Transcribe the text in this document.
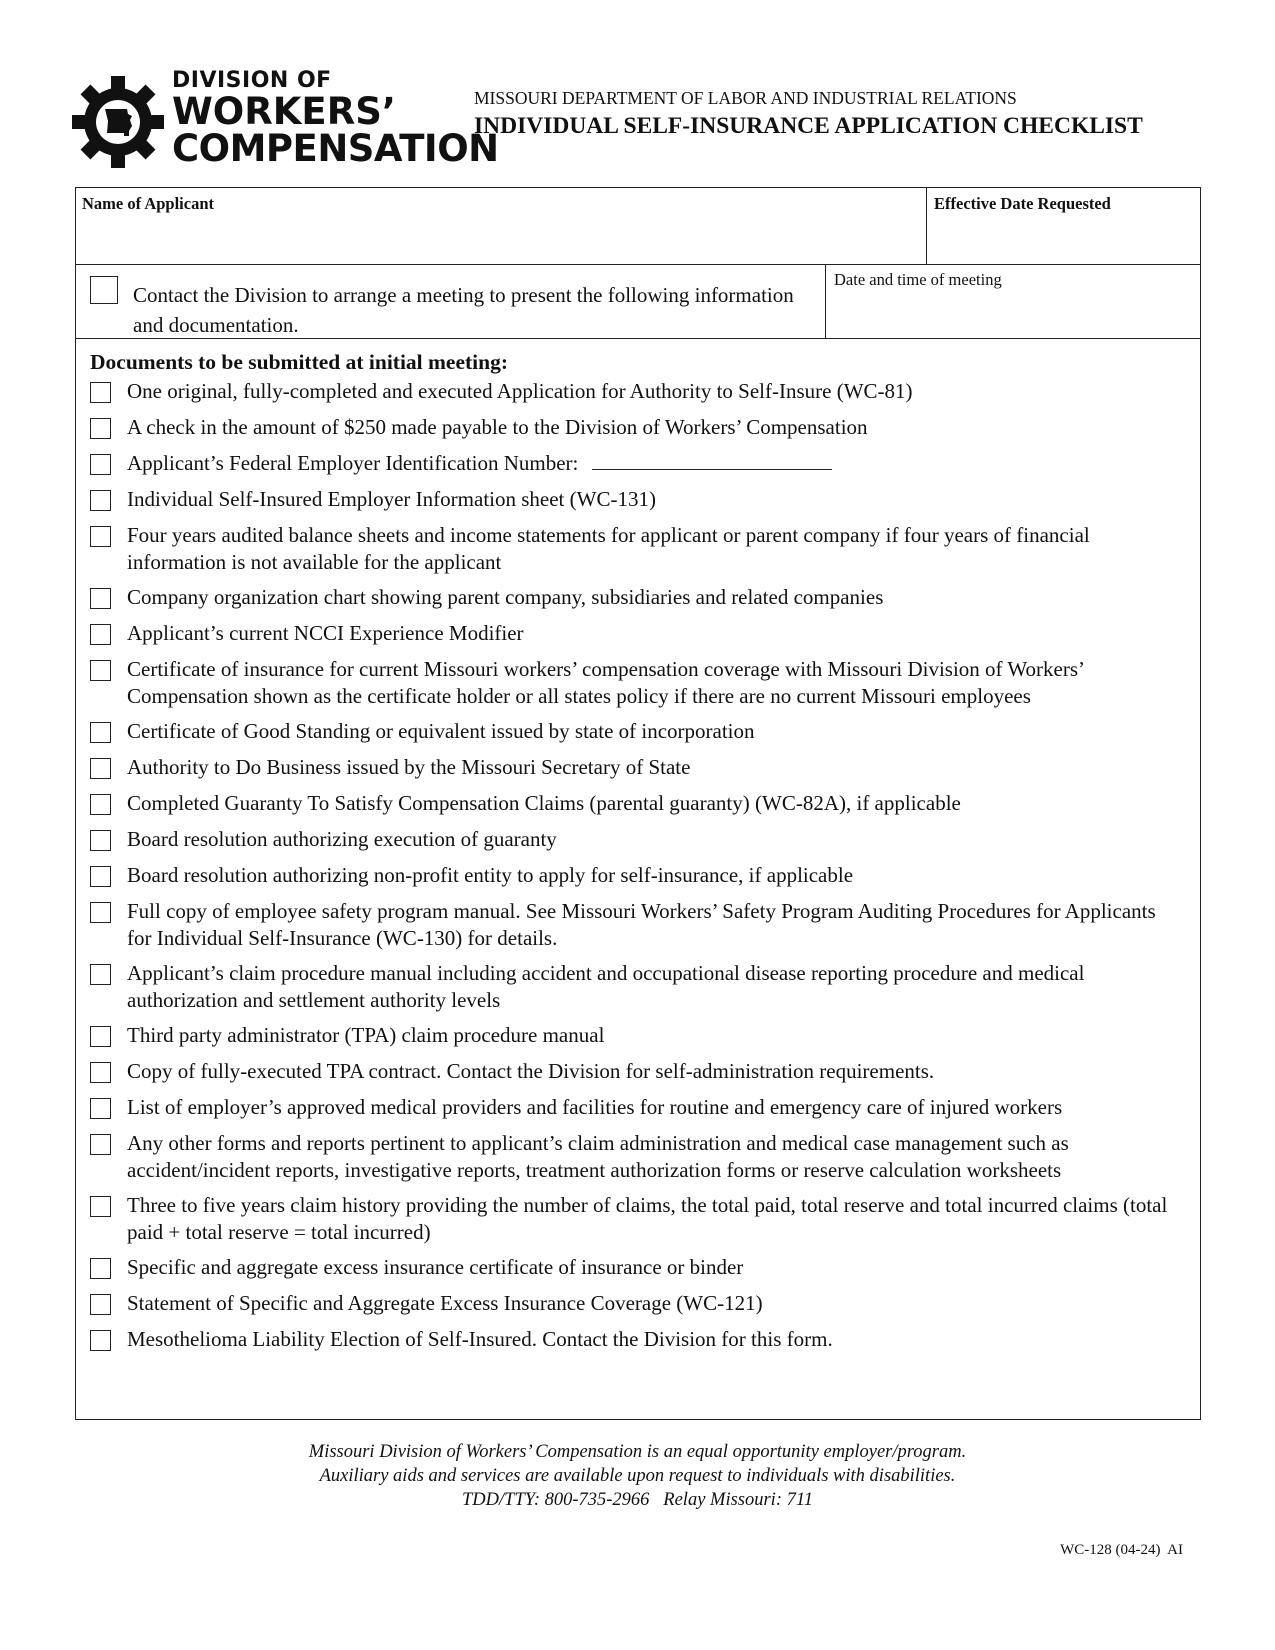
DIVISION OF
WORKERS’
COMPENSATION
MISSOURI DEPARTMENT OF LABOR AND INDUSTRIAL RELATIONS
INDIVIDUAL SELF-INSURANCE APPLICATION CHECKLIST
Name of Applicant	Effective Date Requested
Contact the Division to arrange a meeting to present the following information and documentation.
Date and time of meeting
Documents to be submitted at initial meeting:
One original, fully-completed and executed Application for Authority to Self-Insure (WC-81)
A check in the amount of $250 made payable to the Division of Workers’ Compensation
Applicant’s Federal Employer Identification Number:
Individual Self-Insured Employer Information sheet (WC-131)
Four years audited balance sheets and income statements for applicant or parent company if four years of financial information is not available for the applicant
Company organization chart showing parent company, subsidiaries and related companies
Applicant’s current NCCI Experience Modifier
Certificate of insurance for current Missouri workers’ compensation coverage with Missouri Division of Workers’ Compensation shown as the certificate holder or all states policy if there are no current Missouri employees
Certificate of Good Standing or equivalent issued by state of incorporation
Authority to Do Business issued by the Missouri Secretary of State
Completed Guaranty To Satisfy Compensation Claims (parental guaranty) (WC-82A), if applicable
Board resolution authorizing execution of guaranty
Board resolution authorizing non-profit entity to apply for self-insurance, if applicable
Full copy of employee safety program manual. See Missouri Workers’ Safety Program Auditing Procedures for Applicants for Individual Self-Insurance (WC-130) for details.
Applicant’s claim procedure manual including accident and occupational disease reporting procedure and medical authorization and settlement authority levels
Third party administrator (TPA) claim procedure manual
Copy of fully-executed TPA contract. Contact the Division for self-administration requirements.
List of employer’s approved medical providers and facilities for routine and emergency care of injured workers
Any other forms and reports pertinent to applicant’s claim administration and medical case management such as accident/incident reports, investigative reports, treatment authorization forms or reserve calculation worksheets
Three to five years claim history providing the number of claims, the total paid, total reserve and total incurred claims (total paid + total reserve = total incurred)
Specific and aggregate excess insurance certificate of insurance or binder
Statement of Specific and Aggregate Excess Insurance Coverage (WC-121)
Mesothelioma Liability Election of Self-Insured. Contact the Division for this form.
Missouri Division of Workers’ Compensation is an equal opportunity employer/program.
Auxiliary aids and services are available upon request to individuals with disabilities.
TDD/TTY: 800-735-2966   Relay Missouri: 711
WC-128 (04-24)  AI
